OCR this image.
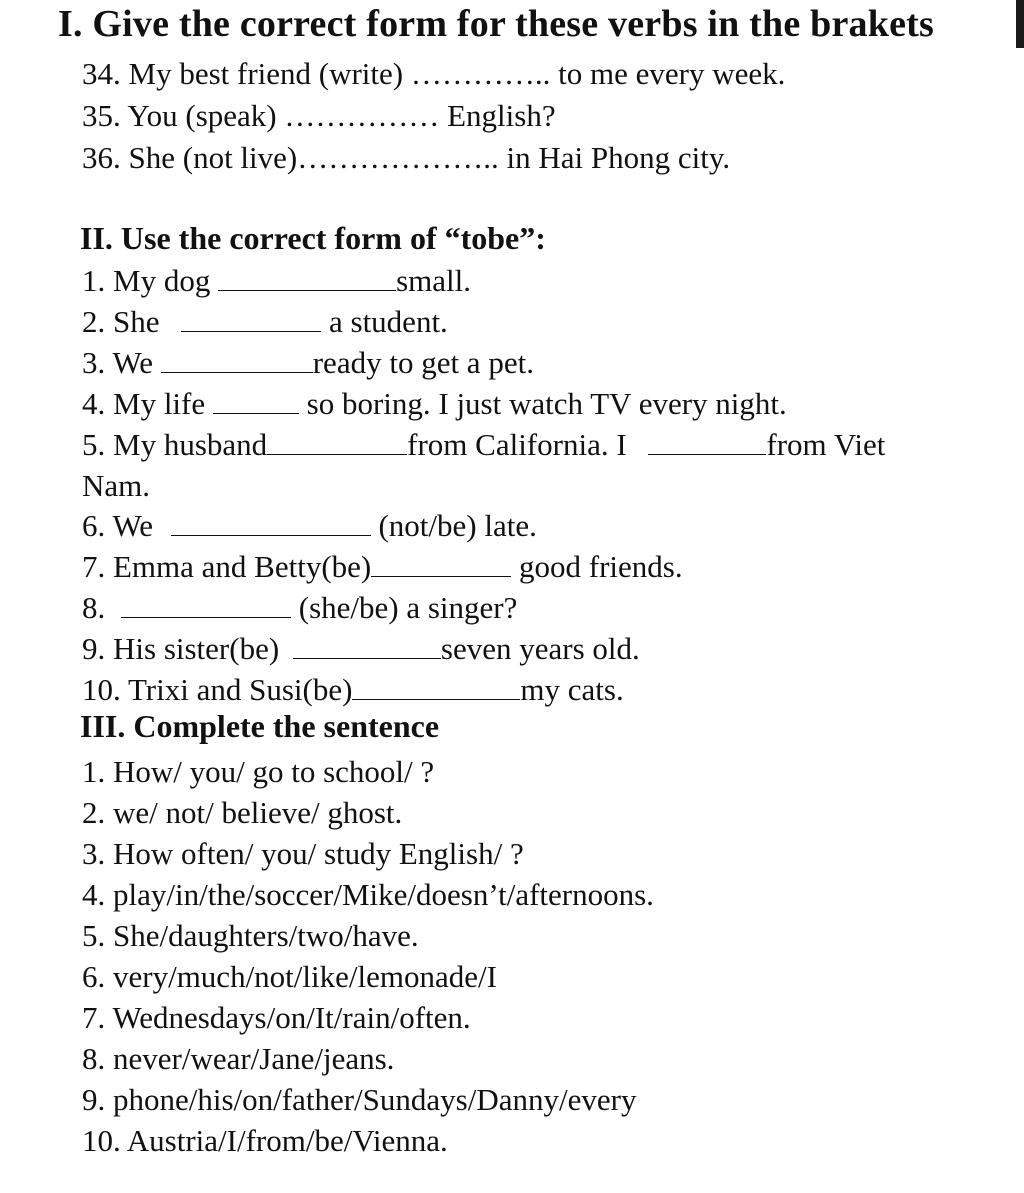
I. Give the correct form for these verbs in the brakets
34. My best friend (write) ………….. to me every week.
35. You (speak) …………… English?
36. She (not live)……………….. in Hai Phong city.
II. Use the correct form of “tobe”:
1. My dog	small.
2. She	a student.
3. We	ready to get a pet.
4. My life	so boring. I just watch TV every night.
5. My husband	from California. I	from Viet
Nam.
6. We	(not/be) late.
7. Emma and Betty(be)	good friends.
8.	(she/be) a singer?
9. His sister(be)	seven years old.
10. Trixi and Susi(be)	my cats.
III. Complete the sentence
1. How/ you/ go to school/ ?
2. we/ not/ believe/ ghost.
3. How often/ you/ study English/ ?
4. play/in/the/soccer/Mike/doesn’t/afternoons.
5. She/daughters/two/have.
6. very/much/not/like/lemonade/I
7. Wednesdays/on/It/rain/often.
8. never/wear/Jane/jeans.
9. phone/his/on/father/Sundays/Danny/every
10. Austria/I/from/be/Vienna.
